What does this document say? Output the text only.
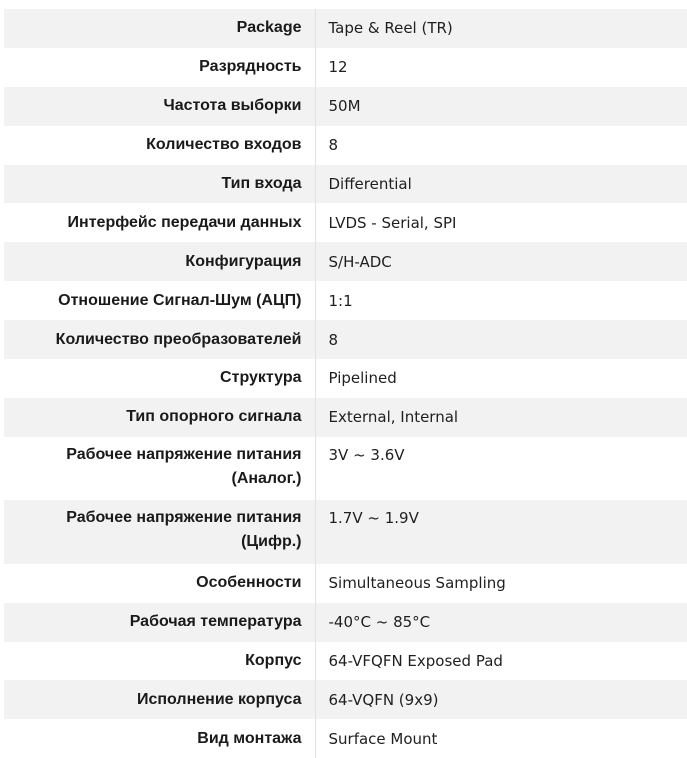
Package	Tape & Reel (TR)
Разрядность	12
Частота выборки	50M
Количество входов	8
Тип входа	Differential
Интерфейс передачи данных	LVDS - Serial, SPI
Конфигурация	S/H-ADC
Отношение Сигнал-Шум (АЦП)	1:1
Количество преобразователей	8
Структура	Pipelined
Тип опорного сигнала	External, Internal
Рабочее напряжение питания (Аналог.)	3V ~ 3.6V
Рабочее напряжение питания (Цифр.)	1.7V ~ 1.9V
Особенности	Simultaneous Sampling
Рабочая температура	-40°C ~ 85°C
Корпус	64-VFQFN Exposed Pad
Исполнение корпуса	64-VQFN (9x9)
Вид монтажа	Surface Mount
